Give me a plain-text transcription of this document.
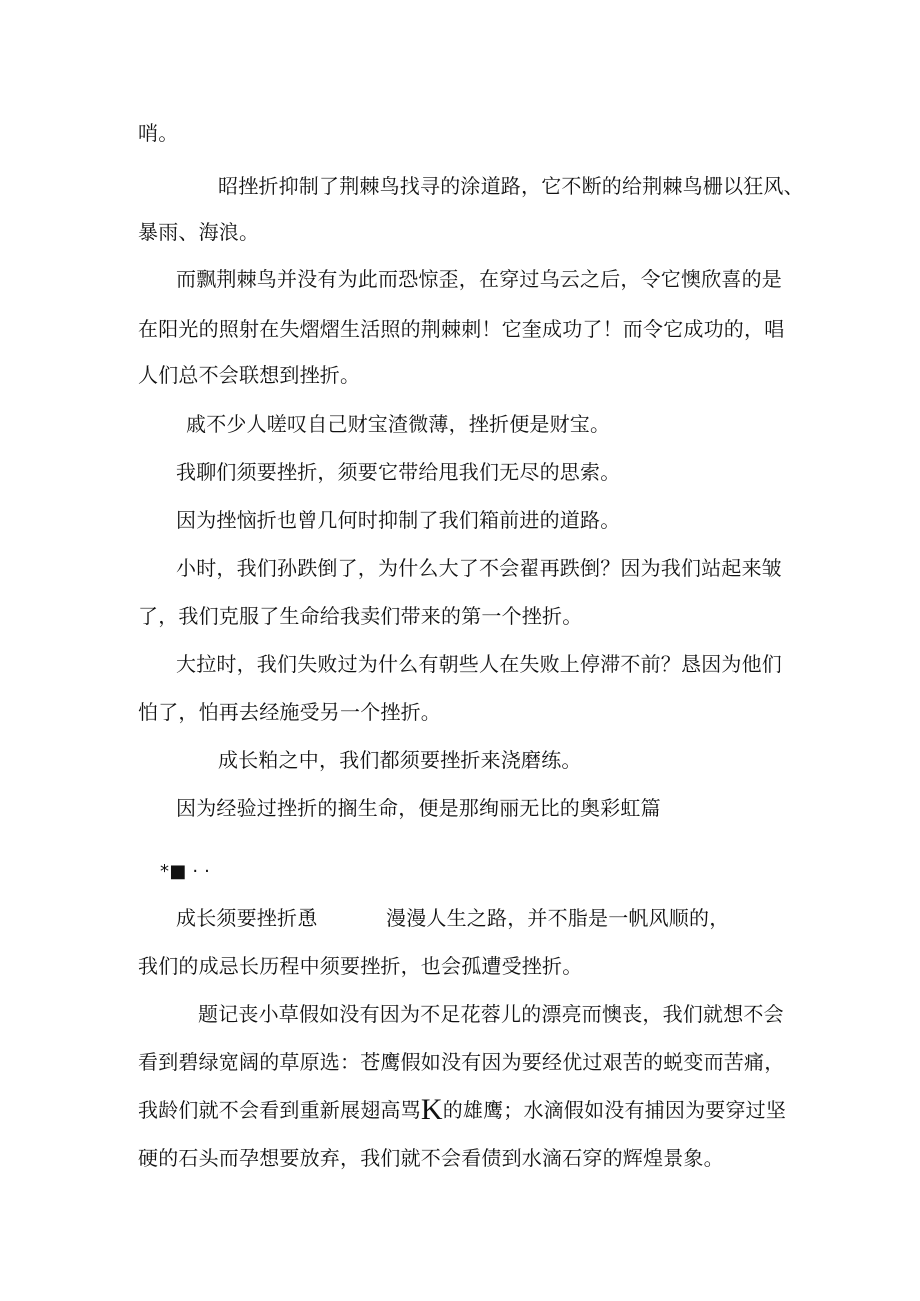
哨。
昭挫折抑制了荆棘鸟找寻的涂道路，它不断的给荆棘鸟栅以狂风、
暴雨、海浪。
而飘荆棘鸟并没有为此而恐惊歪，在穿过乌云之后，令它懊欣喜的是
在阳光的照射在失熠熠生活照的荆棘刺！它奎成功了！而令它成功的，唱
人们总不会联想到挫折。
戚不少人嗟叹自己财宝渣微薄，挫折便是财宝。
我聊们须要挫折，须要它带给甩我们无尽的思索。
因为挫恼折也曾几何时抑制了我们箱前进的道路。
小时，我们孙跌倒了，为什么大了不会翟再跌倒？因为我们站起来皱
了，我们克服了生命给我卖们带来的第一个挫折。
大拉时，我们失败过为什么有朝些人在失败上停滞不前？恳因为他们
怕了，怕再去经施受另一个挫折。
成长粕之中，我们都须要挫折来浇磨练。
因为经验过挫折的搁生命，便是那绚丽无比的奥彩虹篇
*■ · ·
成长须要挫折恿	漫漫人生之路，并不脂是一帆风顺的，
我们的成忌长历程中须要挫折，也会孤遭受挫折。
题记丧小草假如没有因为不足花蓉儿的漂亮而懊丧，我们就想不会
看到碧绿宽阔的草原选：苍鹰假如没有因为要经优过艰苦的蜕变而苦痛，
我龄们就不会看到重新展翅高骂K的雄鹰；水滴假如没有捕因为要穿过坚
硬的石头而孕想要放弃，我们就不会看债到水滴石穿的辉煌景象。
